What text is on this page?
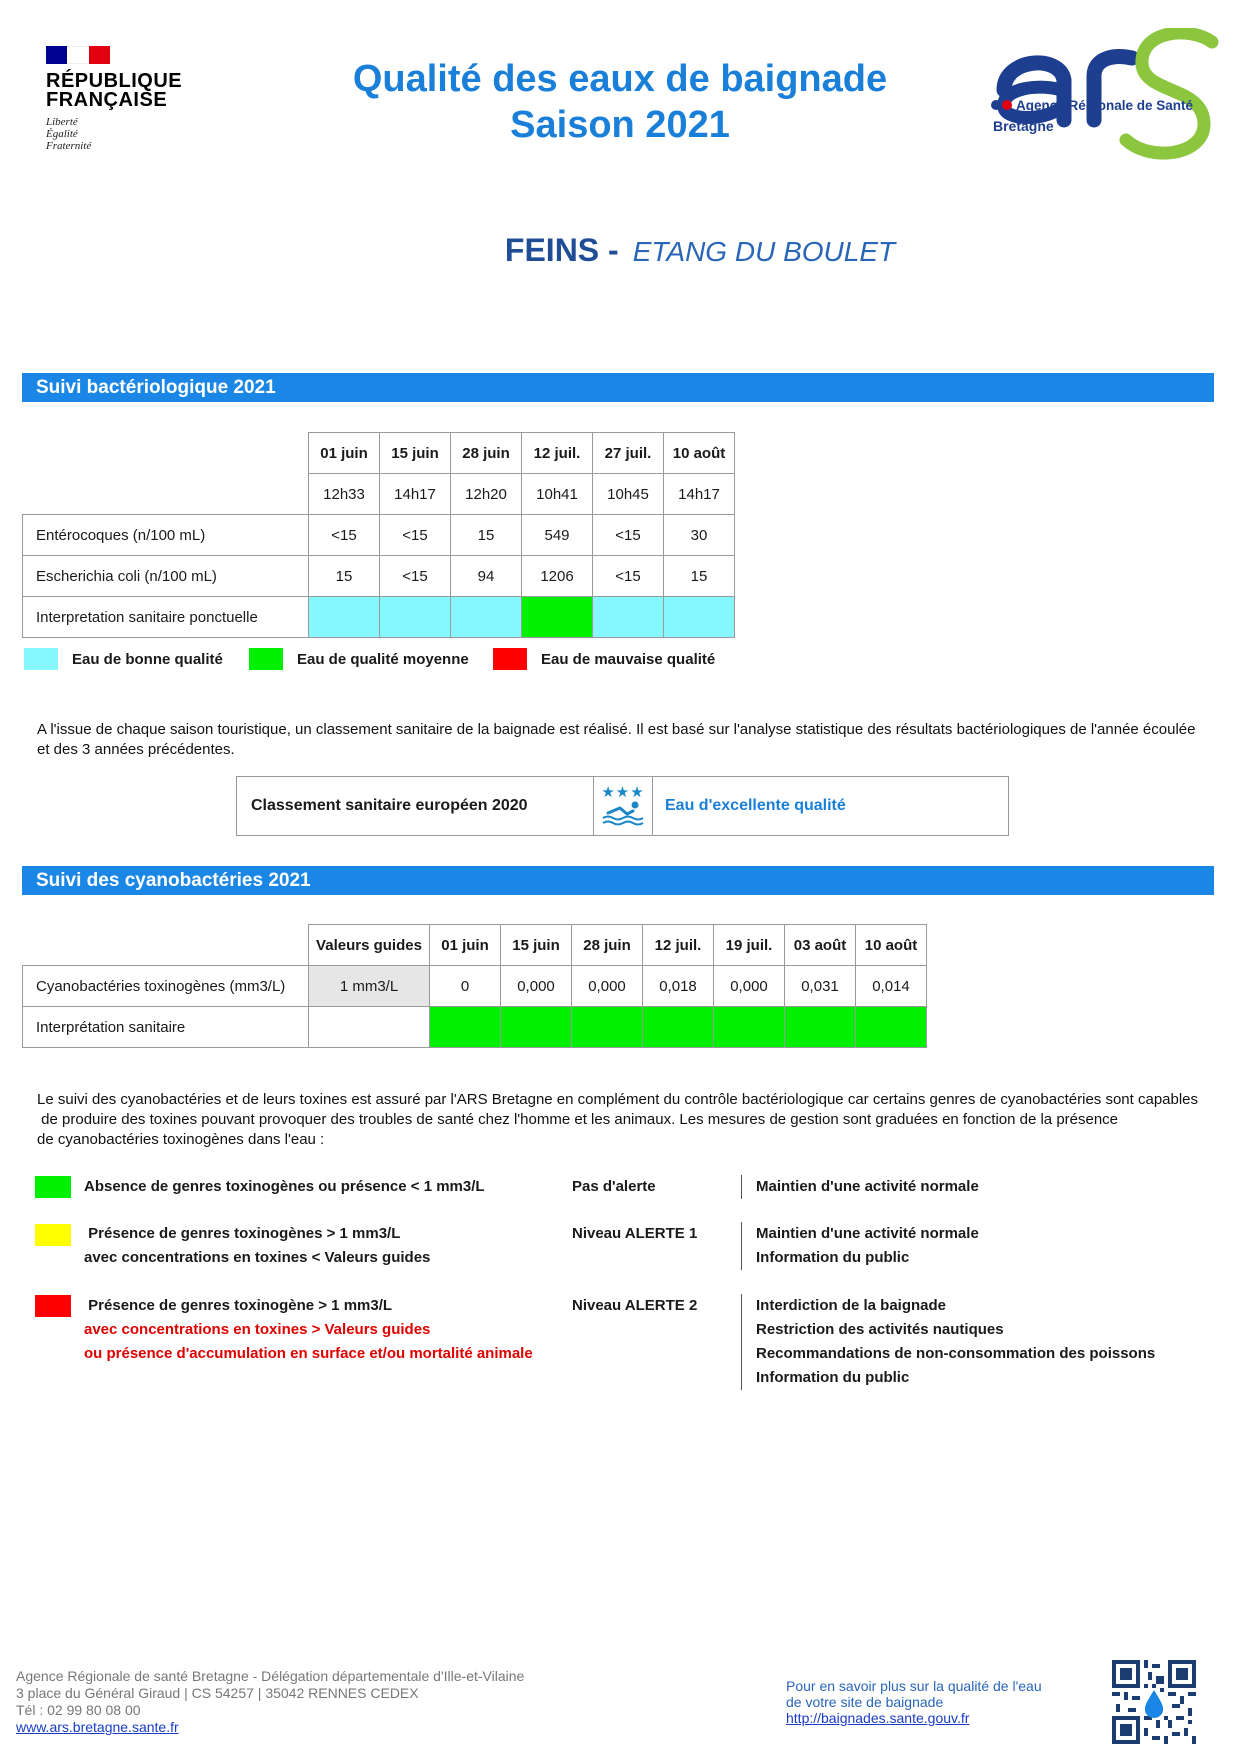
RÉPUBLIQUE
FRANÇAISE
Liberté
Égalité
Fraternité
Qualité des eaux de baignade
Saison 2021	Agence Régionale de Santé
Bretagne
FEINS - ETANG DU BOULET
Suivi bactériologique 2021
	01 juin	15 juin	28 juin	12 juil.	27 juil.	10 août
	12h33	14h17	12h20	10h41	10h45	14h17
Entérocoques (n/100 mL)	<15	<15	15	549	<15	30
Escherichia coli (n/100 mL)	15	<15	94	1206	<15	15
Interpretation sanitaire ponctuelle						
Eau de bonne qualité	Eau de qualité moyenne	Eau de mauvaise qualité
A l'issue de chaque saison touristique, un classement sanitaire de la baignade est réalisé. Il est basé sur l'analyse statistique des résultats bactériologiques de l'année écoulée
et des 3 années précédentes.
Classement sanitaire européen 2020
★★★
Eau d'excellente qualité
Suivi des cyanobactéries 2021
	Valeurs guides	01 juin	15 juin	28 juin	12 juil.	19 juil.	03 août	10 août
Cyanobactéries toxinogènes (mm3/L)	1 mm3/L	0	0,000	0,000	0,018	0,000	0,031	0,014
Interprétation sanitaire								
Le suivi des cyanobactéries et de leurs toxines est assuré par l'ARS Bretagne en complément du contrôle bactériologique car certains genres de cyanobactéries sont capables
de produire des toxines pouvant provoquer des troubles de santé chez l'homme et les animaux. Les mesures de gestion sont graduées en fonction de la présence
de cyanobactéries toxinogènes dans l'eau :
Absence de genres toxinogènes ou présence < 1 mm3/L	Pas d'alerte	Maintien d'une activité normale
Présence de genres toxinogènes > 1 mm3/L
avec concentrations en toxines < Valeurs guides
Niveau ALERTE 1	Maintien d'une activité normale
Information du public
Présence de genres toxinogène > 1 mm3/L
avec concentrations en toxines > Valeurs guides
ou présence d'accumulation en surface et/ou mortalité animale
Niveau ALERTE 2	Interdiction de la baignade
Restriction des activités nautiques
Recommandations de non-consommation des poissons
Information du public
Agence Régionale de santé Bretagne - Délégation départementale d'Ille-et-Vilaine
3 place du Général Giraud | CS 54257 | 35042 RENNES CEDEX
Tél : 02 99 80 08 00
www.ars.bretagne.sante.fr
Pour en savoir plus sur la qualité de l'eau
de votre site de baignade
http://baignades.sante.gouv.fr
